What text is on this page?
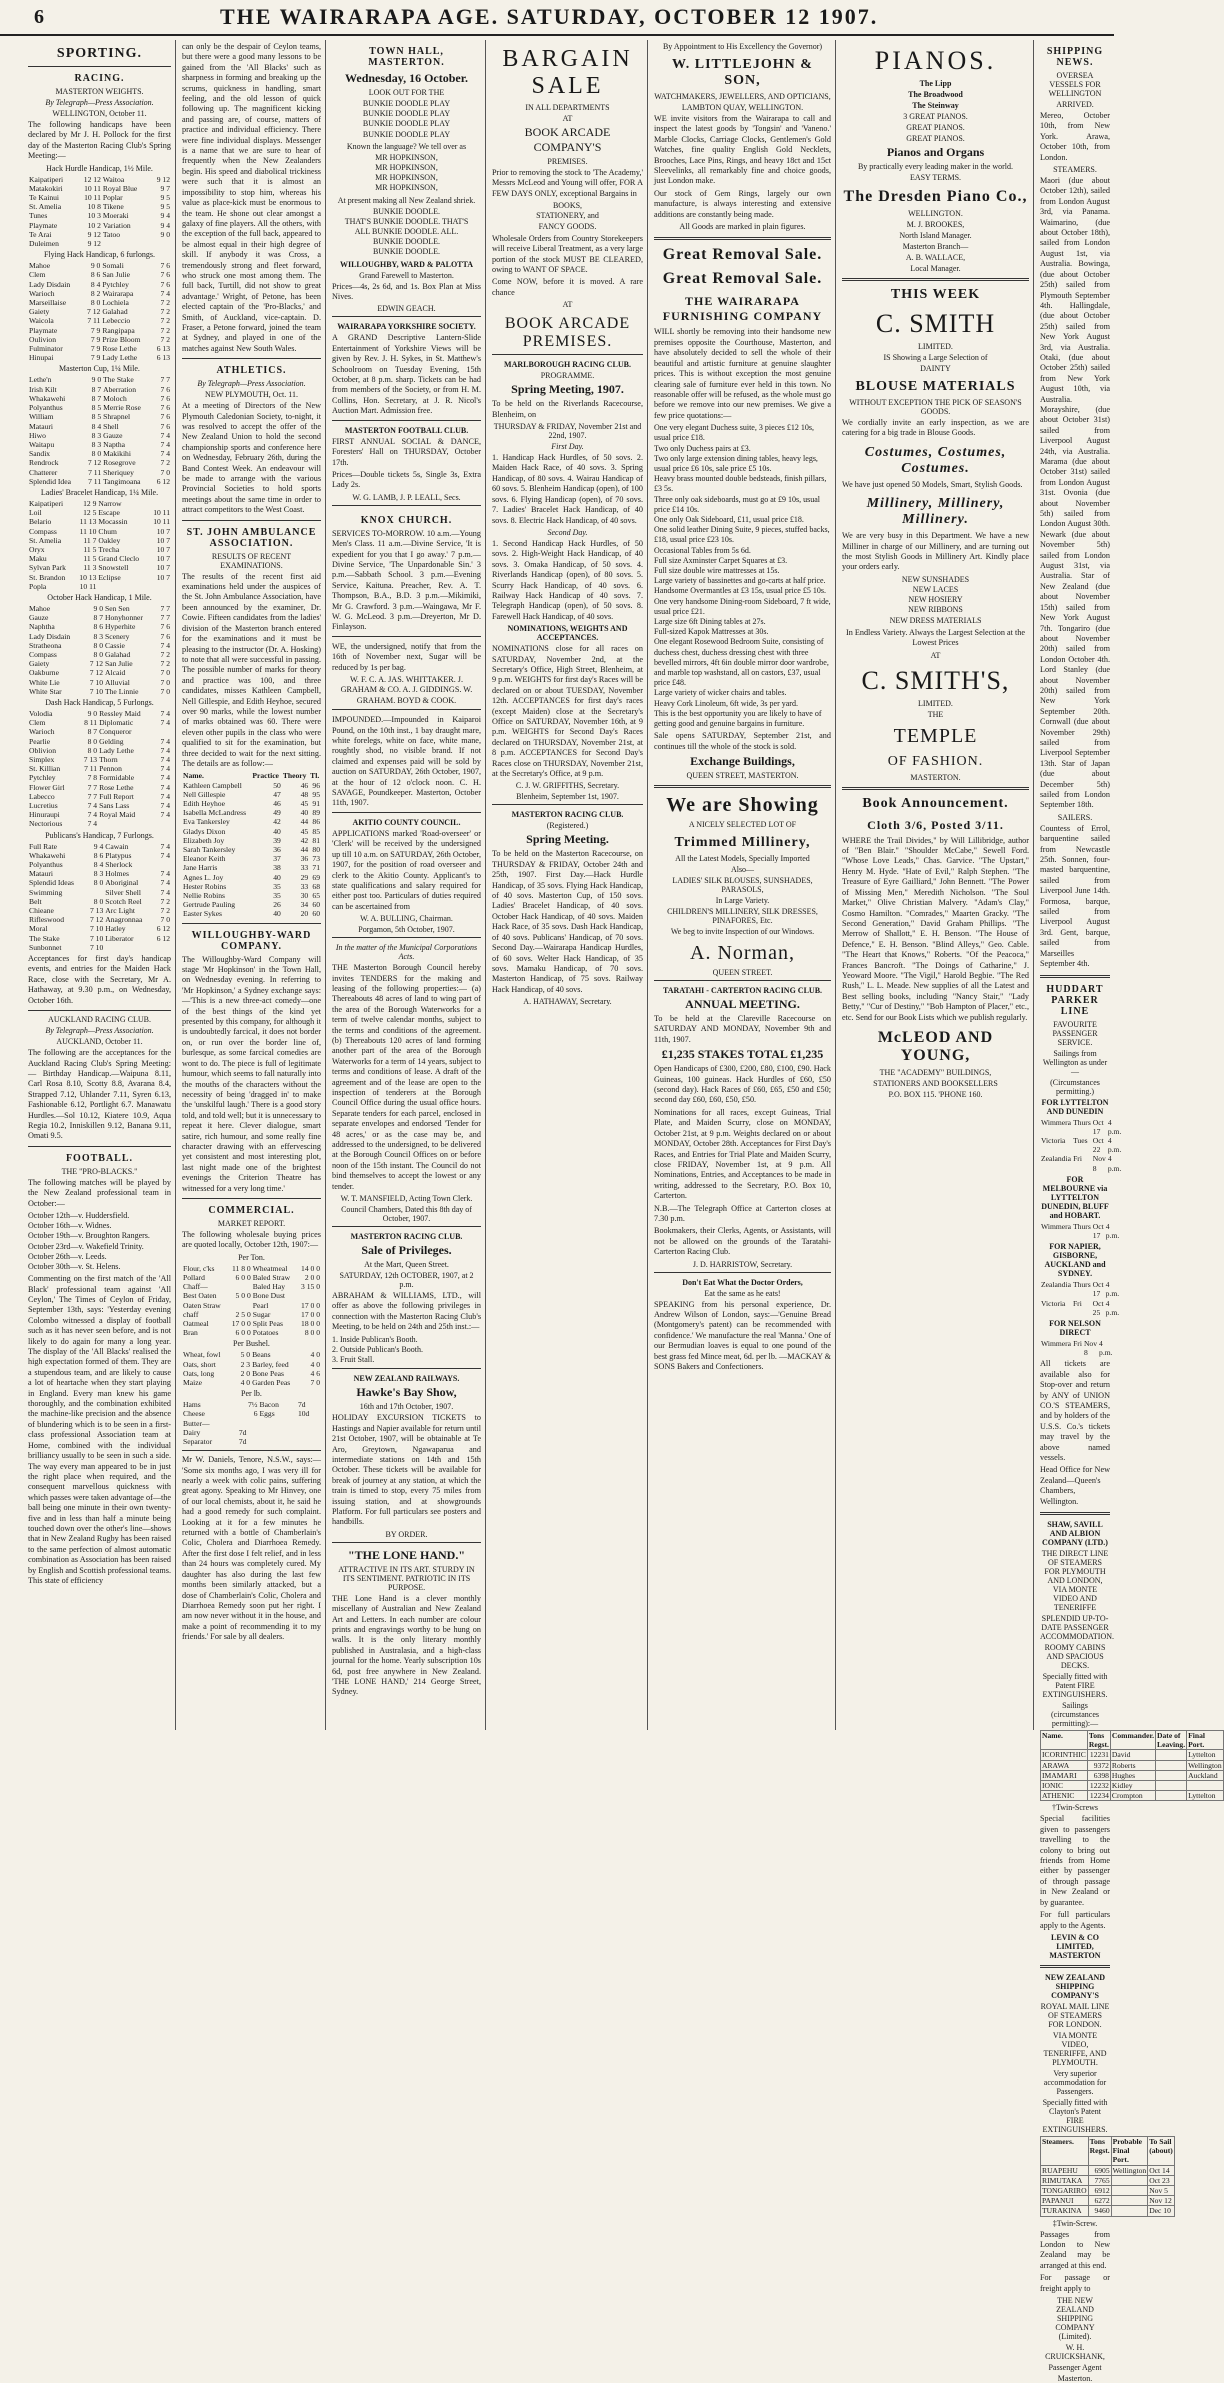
6	THE WAIRARAPA AGE. SATURDAY, OCTOBER 12 1907.
SPORTING.
RACING.
MASTERTON WEIGHTS.
By Telegraph—Press Association.
WELLINGTON, October 11.

The following handicaps have been declared by Mr J. H. Pollock for the first day of the Masterton Racing Club's Spring Meeting:—

Hack Hurdle Handicap, 1½ Mile.
Kaipatiperi	12 12	Waitoa	9 12
Matakokiri	10 11	Royal Blue	9 7
Te Kainui	10 11	Poplar	9 5
St. Amelia	10 8	Tikene	9 5
Tunes	10 3	Moeraki	9 4
Playmate	10 2	Variation	9 4
Te Arai	9 12	Tatoo	9 0
Duleimen	9 12		
Flying Hack Handicap, 6 furlongs.
Mahoe	9 0	Somali	7 6
Clem	8 6	San Julie	7 6
Lady Disdain	8 4	Pytchley	7 6
Warioch	8 2	Wairarapa	7 4
Marseillaise	8 0	Lochiela	7 2
Gaiety	7 12	Galahad	7 2
Waicola	7 11	Lebeccio	7 2
Playmate	7 9	Rangipapa	7 2
Oulivion	7 9	Prize Bloom	7 2
Fulminator	7 9	Rose Lethe	6 13
Hinupai	7 9	Lady Lethe	6 13
Masterton Cup, 1¼ Mile.
Lethe'n	9 0	The Stake	7 7
Irish Kilt	8 7	Aberration	7 6
Whakawehi	8 7	Moloch	7 6
Polyanthus	8 5	Merrie Rose	7 6
William	8 5	Shrapnel	7 6
Matauri	8 4	Shell	7 6
Hiwo	8 3	Gauze	7 4
Waitapu	8 3	Naptha	7 4
Sandix	8 0	Makikihi	7 4
Rendrock	7 12	Rosegrove	7 2
Chatterer	7 11	Sheriquey	7 0
Splendid Idea	7 11	Tangimoana	6 12
Ladies' Bracelet Handicap, 1¼ Mile.
Kaipatiperi	12 9	Narrow	
Loil	12 5	Escape	10 11
Belario	11 13	Mocassin	10 11
Compass	11 10	Chum	10 7
St. Amelia	11 7	Oakley	10 7
Oryx	11 5	Trecha	10 7
Maku	11 5	Grand Cleclo	10 7
Sylvan Park	11 3	Snowstell	10 7
St. Brandon	10 13	Eclipse	10 7
Popla	10 11		
October Hack Handicap, 1 Mile.
Mahoe	9 0	Sen Sen	7 7
Gauze	8 7	Honyhonner	7 7
Naphtha	8 6	Hyperhite	7 6
Lady Disdain	8 3	Scenery	7 6
Stratheona	8 0	Cassie	7 4
Compass	8 0	Galahad	7 2
Gaiety	7 12	San Julie	7 2
Oakburne	7 12	Alcaid	7 0
White Lie	7 10	Alluvial	7 0
White Star	7 10	The Linnie	7 0
Dash Hack Handicap, 5 Furlongs.
Volodia	9 0	Ressley Maid	7 4
Clem	8 11	Diplomatic	7 4
Warioch	8 7	Conqueror	
Pearlie	8 0	Gelding	7 4
Oblivion	8 0	Lady Lethe	7 4
Simplex	7 13	Thorn	7 4
St. Killian	7 11	Pennon	7 4
Pytchley	7 8	Formidable	7 4
Flower Girl	7 7	Rose Lethe	7 4
Labecco	7 7	Full Report	7 4
Lucretius	7 4	Sans Lass	7 4
Hinuraupi	7 4	Royal Maid	7 4
Nectorious	7 4		
Publicans's Handicap, 7 Furlongs.
Full Rate	9 4	Cawain	7 4
Whakawehi	8 6	Platypus	7 4
Polyanthus	8 4	Sherlock	
Matauri	8 3	Holmes	7 4
Splendid Ideas	8 0	Aboriginal	7 4
Swimming		Silver Shell	7 4
Belt	8 0	Scotch Reel	7 2
Chieane	7 13	Arc Light	7 2
Rifleswood	7 12	Anagronnaa	7 0
Moral	7 10	Hatley	6 12
The Stake	7 10	Liberator	6 12
Sunbonnet	7 10		

Acceptances for first day's handicap events, and entries for the Maiden Hack Race, close with the Secretary, Mr A. Hathaway, at 9.30 p.m., on Wednesday, October 16th.

AUCKLAND RACING CLUB.
By Telegraph—Press Association.
AUCKLAND, October 11.

The following are the acceptances for the Auckland Racing Club's Spring Meeting:— Birthday Handicap.—Waipuna 8.11, Carl Rosa 8.10, Scotty 8.8, Avarana 8.4, Strapped 7.12, Uhlander 7.11, Syren 6.13, Fashionable 6.12, Portlight 6.7. Manawatu Hurdles.—Sol 10.12, Kiatere 10.9, Aqua Regia 10.2, Inniskillen 9.12, Banana 9.11, Omati 9.5.

FOOTBALL.
THE "PRO-BLACKS."

The following matches will be played by the New Zealand professional team in October:—

October 12th—v. Huddersfield.
October 16th—v. Widnes.
October 19th—v. Broughton Rangers.
October 23rd—v. Wakefield Trinity.
October 26th—v. Leeds.
October 30th—v. St. Helens.

Commenting on the first match of the 'All Black' professional team against 'All Ceylon,' The Times of Ceylon of Friday, September 13th, says: 'Yesterday evening Colombo witnessed a display of football such as it has never seen before, and is not likely to do again for many a long year. The display of the 'All Blacks' realised the high expectation formed of them. They are a stupendous team, and are likely to cause a lot of heartache when they start playing in England. Every man knew his game thoroughly, and the combination exhibited the machine-like precision and the absence of blundering which is to be seen in a first-class professional Association team at Home, combined with the individual brilliancy usually to be seen in such a side. The way every man appeared to be in just the right place when required, and the consequent marvellous quickness with which passes were taken advantage of—the ball being one minute in their own twenty-five and in less than half a minute being touched down over the other's line—shows that in New Zealand Rugby has been raised to the same perfection of almost automatic combination as Association has been raised by English and Scottish professional teams. This state of efficiency

can only be the despair of Ceylon teams, but there were a good many lessons to be gained from the 'All Blacks' such as sharpness in forming and breaking up the scrums, quickness in handling, smart feeling, and the old lesson of quick following up. The magnificent kicking and passing are, of course, matters of practice and individual efficiency. There were fine individual displays. Messenger is a name that we are sure to hear of frequently when the New Zealanders begin. His speed and diabolical trickiness were such that it is almost an impossibility to stop him, whereas his value as place-kick must be enormous to the team. He shone out clear amongst a galaxy of fine players. All the others, with the exception of the full back, appeared to be almost equal in their high degree of skill. If anybody it was Cross, a tremendously strong and fleet forward, who struck one most among them. The full back, Turtill, did not show to great advantage.' Wright, of Petone, has been elected captain of the 'Pro-Blacks,' and Smith, of Auckland, vice-captain. D. Fraser, a Petone forward, joined the team at Sydney, and played in one of the matches against New South Wales.

ATHLETICS.
By Telegraph—Press Association.
NEW PLYMOUTH, Oct. 11.

At a meeting of Directors of the New Plymouth Caledonian Society, to-night, it was resolved to accept the offer of the New Zealand Union to hold the second championship sports and conference here on Wednesday, February 26th, during the Band Contest Week. An endeavour will be made to arrange with the various Provincial Societies to hold sports meetings about the same time in order to attract competitors to the West Coast.

ST. JOHN AMBULANCE ASSOCIATION.
RESULTS OF RECENT EXAMINATIONS.

The results of the recent first aid examinations held under the auspices of the St. John Ambulance Association, have been announced by the examiner, Dr. Cowie. Fifteen candidates from the ladies' division of the Masterton branch entered for the examinations and it must be pleasing to the instructor (Dr. A. Hosking) to note that all were successful in passing. The possible number of marks for theory and practice was 100, and three candidates, misses Kathleen Campbell, Nell Gillespie, and Edith Heyhoe, secured over 90 marks, while the lowest number of marks obtained was 60. There were eleven other pupils in the class who were qualified to sit for the examination, but three decided to wait for the next sitting. The details are as follow:—

Name.	Practice	Theory	Tl.
Kathleen Campbell	50	46	96
Nell Gillespie	47	48	95
Edith Heyhoe	46	45	91
Isabella McLandress	49	40	89
Eva Tankersley	42	44	86
Gladys Dixon	40	45	85
Elizabeth Joy	39	42	81
Sarah Tankersley	36	44	80
Eleanor Keith	37	36	73
Jane Harris	38	33	71
Agnes L. Joy	40	29	69
Hester Robins	35	33	68
Nellie Robins	35	30	65
Gertrude Pauling	26	34	60
Easter Sykes	40	20	60
WILLOUGHBY-WARD COMPANY.

The Willoughby-Ward Company will stage 'Mr Hopkinson' in the Town Hall, on Wednesday evening. In referring to 'Mr Hopkinson,' a Sydney exchange says:—'This is a new three-act comedy—one of the best things of the kind yet presented by this company, for although it is undoubtedly farcical, it does not border on, or run over the border line of, burlesque, as some farcical comedies are wont to do. The piece is full of legitimate humour, which seems to fall naturally into the mouths of the characters without the necessity of being 'dragged in' to make the 'unskilful laugh.' There is a good story told, and told well; but it is unnecessary to repeat it here. Clever dialogue, smart satire, rich humour, and some really fine character drawing with an effervescing yet consistent and most interesting plot, last night made one of the brightest evenings the Criterion Theatre has witnessed for a very long time.'

COMMERCIAL.
MARKET REPORT.

The following wholesale buying prices are quoted locally, October 12th, 1907:—

Per Ton.
Flour, c'ks	11 8 0	Wheatmeal	14 0 0
Pollard	6 0 0	Baled Straw	2 0 0
Chaff—		Baled Hay	3 15 0
Best Oaten	5 0 0	Bone Dust	
Oaten Straw		Pearl	17 0 0
chaff	2 5 0	Sugar	17 0 0
Oatmeal	17 0 0	Split Peas	18 0 0
Bran	6 0 0	Potatoes	8 0 0
Per Bushel.
Wheat, fowl	5 0	Beans	4 0
Oats, short	2 3	Barley, feed	4 0
Oats, long	2 0	Bone Peas	4 6
Maize	4 0	Garden Peas	7 0
Per lb.
Hams	7½	Bacon	7d
Cheese	6	Eggs	10d
Butter—			
Dairy	7d		
Separator	7d		

Mr W. Daniels, Tenore, N.S.W., says:— 'Some six months ago, I was very ill for nearly a week with colic pains, suffering great agony. Speaking to Mr Hinvey, one of our local chemists, about it, he said he had a good remedy for such complaint. Looking at it for a few minutes he returned with a bottle of Chamberlain's Colic, Cholera and Diarrhoea Remedy. After the first dose I felt relief, and in less than 24 hours was completely cured. My daughter has also during the last few months been similarly attacked, but a dose of Chamberlain's Colic, Cholera and Diarrhoea Remedy soon put her right. I am now never without it in the house, and make a point of recommending it to my friends.' For sale by all dealers.

TOWN HALL, MASTERTON.
Wednesday, 16 October.
LOOK OUT FOR THE
BUNKIE DOODLE PLAY
BUNKIE DOODLE PLAY
BUNKIE DOODLE PLAY
BUNKIE DOODLE PLAY
Known the language? We tell over as
MR HOPKINSON,
MR HOPKINSON,
MR HOPKINSON,
MR HOPKINSON,
At present making all New Zealand shriek.
BUNKIE DOODLE.
THAT'S BUNKIE DOODLE. THAT'S
ALL BUNKIE DOODLE. ALL.
BUNKIE DOODLE.
BUNKIE DOODLE.
WILLOUGHBY, WARD & PALOTTA
Grand Farewell to Masterton.

Prices—4s, 2s 6d, and 1s. Box Plan at Miss Nives.

EDWIN GEACH.
WAIRARAPA YORKSHIRE SOCIETY.

A GRAND Descriptive Lantern-Slide Entertainment of Yorkshire Views will be given by Rev. J. H. Sykes, in St. Matthew's Schoolroom on Tuesday Evening, 15th October, at 8 p.m. sharp. Tickets can be had from members of the Society, or from H. M. Collins, Hon. Secretary, at J. R. Nicol's Auction Mart. Admission free.

MASTERTON FOOTBALL CLUB.

FIRST ANNUAL SOCIAL & DANCE, Foresters' Hall on THURSDAY, October 17th.

Prices—Double tickets 5s, Single 3s, Extra Lady 2s.

W. G. LAMB, J. P. LEALL, Secs.
KNOX CHURCH.

SERVICES TO-MORROW. 10 a.m.—Young Men's Class. 11 a.m.—Divine Service, 'It is expedient for you that I go away.' 7 p.m.—Divine Service, 'The Unpardonable Sin.' 3 p.m.—Sabbath School. 3 p.m.—Evening Service, Kaituna. Preacher, Rev. A. T. Thompson, B.A., B.D. 3 p.m.—Mikimiki, Mr G. Crawford. 3 p.m.—Waingawa, Mr F. W. G. McLeod. 3 p.m.—Dreyerton, Mr D. Finlayson.

WE, the undersigned, notify that from the 16th of November next, Sugar will be reduced by 1s per bag.

W. F. C. A. JAS. WHITTAKER. J. GRAHAM & CO. A. J. GIDDINGS. W. GRAHAM. BOYD & COOK.

IMPOUNDED.—Impounded in Kaiparoi Pound, on the 10th inst., 1 bay draught mare, white forelegs, white on face, white mane, roughtly shod, no visible brand. If not claimed and expenses paid will be sold by auction on SATURDAY, 26th October, 1907, at the hour of 12 o'clock noon. C. H. SAVAGE, Poundkeeper. Masterton, October 11th, 1907.

AKITIO COUNTY COUNCIL.

APPLICATIONS marked 'Road-overseer' or 'Clerk' will be received by the undersigned up till 10 a.m. on SATURDAY, 26th October, 1907, for the position of road overseer and clerk to the Akitio County. Applicant's to state qualifications and salary required for either post too. Particulars of duties required can be ascertained from

W. A. BULLING, Chairman.
Porgamon, 5th October, 1907.
In the matter of the Municipal Corporations Acts.

THE Masterton Borough Council hereby invites TENDERS for the making and leasing of the following properties:— (a) Thereabouts 48 acres of land to wing part of the area of the Borough Waterworks for a term of twelve calendar months, subject to the terms and conditions of the agreement. (b) Thereabouts 120 acres of land forming another part of the area of the Borough Waterworks for a term of 14 years, subject to terms and conditions of lease. A draft of the agreement and of the lease are open to the inspection of tenderers at the Borough Council Office during the usual office hours. Separate tenders for each parcel, enclosed in separate envelopes and endorsed 'Tender for 48 acres,' or as the case may be, and addressed to the undersigned, to be delivered at the Borough Council Offices on or before noon of the 15th instant. The Council do not bind themselves to accept the lowest or any tender.

W. T. MANSFIELD, Acting Town Clerk.
Council Chambers, Dated this 8th day of October, 1907.
MASTERTON RACING CLUB.
Sale of Privileges.
At the Mart, Queen Street.
SATURDAY, 12th OCTOBER, 1907, at 2 p.m.

ABRAHAM & WILLIAMS, LTD., will offer as above the following privileges in connection with the Masterton Racing Club's Meeting, to be held on 24th and 25th inst.:—

1. Inside Publican's Booth.
2. Outside Publican's Booth.
3. Fruit Stall.
NEW ZEALAND RAILWAYS.
Hawke's Bay Show,
16th and 17th October, 1907.

HOLIDAY EXCURSION TICKETS to Hastings and Napier available for return until 21st October, 1907, will be obtainable at Te Aro, Greytown, Ngawaparua and intermediate stations on 14th and 15th October. These tickets will be available for break of journey at any station, at which the train is timed to stop, every 75 miles from issuing station, and at showgrounds Platform. For full particulars see posters and handbills.

BY ORDER.
"THE LONE HAND."
ATTRACTIVE IN ITS ART. STURDY IN ITS SENTIMENT. PATRIOTIC IN ITS PURPOSE.

THE Lone Hand is a clever monthly miscellany of Australian and New Zealand Art and Letters. In each number are colour prints and engravings worthy to be hung on walls. It is the only literary monthly published in Australasia, and a high-class journal for the home. Yearly subscription 10s 6d, post free anywhere in New Zealand. 'THE LONE HAND,' 214 George Street, Sydney.

BARGAIN SALE
IN ALL DEPARTMENTS
AT
BOOK ARCADE COMPANY'S
PREMISES.

Prior to removing the stock to 'The Academy,' Messrs McLeod and Young will offer, FOR A FEW DAYS ONLY, exceptional Bargains in

BOOKS,
STATIONERY, and
FANCY GOODS.

Wholesale Orders from Country Storekeepers will receive Liberal Treatment, as a very large portion of the stock MUST BE CLEARED, owing to WANT OF SPACE.

Come NOW, before it is moved. A rare chance

AT
BOOK ARCADE PREMISES.
MARLBOROUGH RACING CLUB.
PROGRAMME.
Spring Meeting, 1907.

To be held on the Riverlands Racecourse, Blenheim, on

THURSDAY & FRIDAY, November 21st and 22nd, 1907.
First Day.

1. Handicap Hack Hurdles, of 50 sovs. 2. Maiden Hack Race, of 40 sovs. 3. Spring Handicap, of 80 sovs. 4. Wairau Handicap of 60 sovs. 5. Blenheim Handicap (open), of 100 sovs. 6. Flying Handicap (open), of 70 sovs. 7. Ladies' Bracelet Hack Handicap, of 40 sovs. 8. Electric Hack Handicap, of 40 sovs.

Second Day.

1. Second Handicap Hack Hurdles, of 50 sovs. 2. High-Weight Hack Handicap, of 40 sovs. 3. Omaka Handicap, of 50 sovs. 4. Riverlands Handicap (open), of 80 sovs. 5. Scurry Hack Handicap, of 40 sovs. 6. Railway Hack Handicap of 40 sovs. 7. Telegraph Handicap (open), of 50 sovs. 8. Farewell Hack Handicap, of 40 sovs.

NOMINATIONS, WEIGHTS AND ACCEPTANCES.

NOMINATIONS close for all races on SATURDAY, November 2nd, at the Secretary's Office, High Street, Blenheim, at 9 p.m. WEIGHTS for first day's Races will be declared on or about TUESDAY, November 12th. ACCEPTANCES for first day's races (except Maiden) close at the Secretary's Office on SATURDAY, November 16th, at 9 p.m. WEIGHTS for Second Day's Races declared on THURSDAY, November 21st, at 8 p.m. ACCEPTANCES for Second Day's Races close on THURSDAY, November 21st, at the Secretary's Office, at 9 p.m.

C. J. W. GRIFFITHS, Secretary.
Blenheim, September 1st, 1907.
MASTERTON RACING CLUB.
(Registered.)
Spring Meeting.

To be held on the Masterton Racecourse, on THURSDAY & FRIDAY, October 24th and 25th, 1907. First Day.—Hack Hurdle Handicap, of 35 sovs. Flying Hack Handicap, of 40 sovs. Masterton Cup, of 150 sovs. Ladies' Bracelet Handicap, of 40 sovs. October Hack Handicap, of 40 sovs. Maiden Hack Race, of 35 sovs. Dash Hack Handicap, of 40 sovs. Publicans' Handicap, of 70 sovs. Second Day.—Wairarapa Handicap Hurdles, of 60 sovs. Welter Hack Handicap, of 35 sovs. Mamaku Handicap, of 70 sovs. Masterton Handicap, of 75 sovs. Railway Hack Handicap, of 40 sovs.

A. HATHAWAY, Secretary.
By Appointment to His Excellency the Governor)
W. LITTLEJOHN & SON,
WATCHMAKERS, JEWELLERS, AND OPTICIANS,
LAMBTON QUAY, WELLINGTON.

WE invite visitors from the Wairarapa to call and inspect the latest goods by 'Tongsin' and 'Vaneno.' Marble Clocks, Carriage Clocks, Gentlemen's Gold Watches, fine quality English Gold Necklets, Brooches, Lace Pins, Rings, and heavy 18ct and 15ct Sleevelinks, all remarkably fine and choice goods, just London make.

Our stock of Gem Rings, largely our own manufacture, is always interesting and extensive additions are constantly being made.

All Goods are marked in plain figures.

Great Removal Sale.
Great Removal Sale.
THE WAIRARAPA FURNISHING COMPANY

WILL shortly be removing into their handsome new premises opposite the Courthouse, Masterton, and have absolutely decided to sell the whole of their beautiful and artistic furniture at genuine slaughter prices. This is without exception the most genuine clearing sale of furniture ever held in this town. No reasonable offer will be refused, as the whole must go before we remove into our new premises. We give a few price quotations:—

One very elegant Duchess suite, 3 pieces £12 10s, usual price £18.
Two only Duchess pairs at £3.
Two only large extension dining tables, heavy legs, usual price £6 10s, sale price £5 10s.
Heavy brass mounted double bedsteads, finish pillars, £3 5s.
Three only oak sideboards, must go at £9 10s, usual price £14 10s.
One only Oak Sideboard, £11, usual price £18.
One solid leather Dining Suite, 9 pieces, stuffed backs, £18, usual price £23 10s.
Occasional Tables from 5s 6d.
Full size Axminster Carpet Squares at £3.
Full size double wire mattresses at 15s.
Large variety of bassinettes and go-carts at half price.
Handsome Overmantles at £3 15s, usual price £5 10s.
One very handsome Dining-room Sideboard, 7 ft wide, usual price £21.
Large size 6ft Dining tables at 27s.
Full-sized Kapok Mattresses at 30s.
One elegant Rosewood Bedroom Suite, consisting of duchess chest, duchess dressing chest with three bevelled mirrors, 4ft 6in double mirror door wardrobe, and marble top washstand, all on castors, £37, usual price £48.
Large variety of wicker chairs and tables.
Heavy Cork Linoleum, 6ft wide, 3s per yard.
This is the best opportunity you are likely to have of getting good and genuine bargains in furniture.

Sale opens SATURDAY, September 21st, and continues till the whole of the stock is sold.

Exchange Buildings,
QUEEN STREET, MASTERTON.
We are Showing
A NICELY SELECTED LOT OF
Trimmed Millinery,
All the Latest Models, Specially Imported
Also—
LADIES' SILK BLOUSES, SUNSHADES, PARASOLS,
In Large Variety.
CHILDREN'S MILLINERY, SILK DRESSES, PINAFORES, Etc.
We beg to invite Inspection of our Windows.
A. Norman,
QUEEN STREET.
TARATAHI - CARTERTON RACING CLUB.
ANNUAL MEETING.

To be held at the Clareville Racecourse on SATURDAY AND MONDAY, November 9th and 11th, 1907.

£1,235 STAKES TOTAL £1,235

Open Handicaps of £300, £200, £80, £100, £90. Hack Guineas, 100 guineas. Hack Hurdles of £60, £50 (second day). Hack Races of £60, £65, £50 and £50; second day £60, £60, £50, £50.

Nominations for all races, except Guineas, Trial Plate, and Maiden Scurry, close on MONDAY, October 21st, at 9 p.m. Weights declared on or about MONDAY, October 28th. Acceptances for First Day's Races, and Entries for Trial Plate and Maiden Scurry, close FRIDAY, November 1st, at 9 p.m. All Nominations, Entries, and Acceptances to be made in writing, addressed to the Secretary, P.O. Box 10, Carterton.

N.B.—The Telegraph Office at Carterton closes at 7.30 p.m.

Bookmakers, their Clerks, Agents, or Assistants, will not be allowed on the grounds of the Taratahi-Carterton Racing Club.

J. D. HARRISTOW, Secretary.
Don't Eat What the Doctor Orders,
Eat the same as he eats!

SPEAKING from his personal experience, Dr. Andrew Wilson of London, says:—'Genuine Bread (Montgomery's patent) can be recommended with confidence.' We manufacture the real 'Manna.' One of our Bermudian loaves is equal to one pound of the best grass fed Mince meat, 6d. per lb. —MACKAY & SONS Bakers and Confectioners.

PIANOS.
The Lipp
The Broadwood
The Steinway
3 GREAT PIANOS.
GREAT PIANOS.
GREAT PIANOS.
Pianos and Organs
By practically every leading maker in the world.
EASY TERMS.
The Dresden Piano Co.,
WELLINGTON.
M. J. BROOKES,
North Island Manager.
Masterton Branch—
A. B. WALLACE,
Local Manager.
THIS WEEK
C. SMITH
LIMITED.
IS Showing a Large Selection of
DAINTY
BLOUSE MATERIALS
WITHOUT EXCEPTION THE PICK OF SEASON'S GOODS.

We cordially invite an early inspection, as we are catering for a big trade in Blouse Goods.

Costumes, Costumes, Costumes.

We have just opened 50 Models, Smart, Stylish Goods.

Millinery, Millinery, Millinery.

We are very busy in this Department. We have a new Milliner in charge of our Millinery, and are turning out the most Stylish Goods in Millinery Art. Kindly place your orders early.

NEW SUNSHADES
NEW LACES
NEW HOSIERY
NEW RIBBONS
NEW DRESS MATERIALS

In Endless Variety. Always the Largest Selection at the Lowest Prices

AT
C. SMITH'S,
LIMITED.
THE
TEMPLE
OF FASHION.
MASTERTON.
Book Announcement.
Cloth 3/6, Posted 3/11.

WHERE the Trail Divides," by Will Lillibridge, author of "Ben Blair." "Shoulder McCabe," Sewell Ford. "Whose Love Leads," Chas. Garvice. "The Upstart," Henry M. Hyde. "Hate of Evil," Ralph Stephen. "The Treasure of Eyre Gailliard," John Bennett. "The Power of Missing Men," Meredith Nicholson. "The Soul Market," Olive Christian Malvery. "Adam's Clay," Cosmo Hamilton. "Comrades," Maarten Gracky. "The Second Generation," David Graham Phillips. "The Merrow of Shallott," E. H. Benson. "The House of Defence," E. H. Benson. "Blind Alleys," Geo. Cable. "The Heart that Knows," Roberts. "Of the Peacoca," Frances Bancroft. "The Doings of Catharine," J. Yeoward Moore. "The Vigil," Harold Begbie. "The Red Rush," L. L. Meade. New supplies of all the Latest and Best selling books, including "Nancy Stair," "Lady Betty," "Cur of Destiny," "Bob Hampton of Placer," etc., etc. Send for our Book Lists which we publish regularly.

McLEOD AND YOUNG,
THE "ACADEMY" BUILDINGS,
STATIONERS AND BOOKSELLERS
P.O. BOX 115. 'PHONE 160.
SHIPPING NEWS.
OVERSEA VESSELS FOR WELLINGTON
ARRIVED.

Mereo, October 10th, from New York. Arawa, October 10th, from London.

STEAMERS.

Maori (due about October 12th), sailed from London August 3rd, via Panama. Waimarino, (due about October 18th), sailed from London August 1st, via Australia. Bowinga, (due about October 25th) sailed from Plymouth September 4th. Hallingdale, (due about October 25th) sailed from New York August 3rd, via Australia. Otaki, (due about October 25th) sailed from New York August 10th, via Australia. Morayshire, (due about October 31st) sailed from Liverpool August 24th, via Australia. Marama (due about October 31st) sailed from London August 31st. Ovonia (due about November 5th) sailed from London August 30th. Newark (due about November 5th) sailed from London August 31st, via Australia. Star of New Zealand (due about November 15th) sailed from New York August 7th. Tongariro (due about November 20th) sailed from London October 4th. Lord Stanley (due about November 20th) sailed from New York September 20th. Cornwall (due about November 29th) sailed from Liverpool September 13th. Star of Japan (due about December 5th) sailed from London September 18th.

SAILERS.

Countess of Errol, barquentine sailed from Newcastle 25th. Sonnen, four-masted barquentine, sailed from Liverpool June 14th. Formosa, barque, sailed from Liverpool August 3rd. Gent, barque, sailed from Marseilles September 4th.

HUDDART PARKER LINE
FAVOURITE PASSENGER SERVICE.
Sailings from Wellington as under—
(Circumstances permitting.)
FOR LYTTELTON AND DUNEDIN
Wimmera	Thurs	Oct 17	4 p.m.
Victoria	Tues	Oct 22	4 p.m.
Zealandia	Fri	Nov 8	4 p.m.
FOR MELBOURNE via LYTTELTON DUNEDIN, BLUFF and HOBART.
Wimmera	Thurs	Oct 17	4 p.m.
FOR NAPIER, GISBORNE, AUCKLAND and SYDNEY.
Zealandia	Thurs	Oct 17	4 p.m.
Victoria	Fri	Oct 25	4 p.m.
FOR NELSON DIRECT
Wimmera	Fri	Nov 8	4 p.m.

All tickets are available also for Stop-over and return by ANY of UNION CO.'S STEAMERS, and by holders of the U.S.S. Co.'s tickets may travel by the above named vessels.

Head Office for New Zealand—Queen's Chambers, Wellington.

SHAW, SAVILL AND ALBION COMPANY (LTD.)
THE DIRECT LINE OF STEAMERS FOR PLYMOUTH AND LONDON, VIA MONTE VIDEO AND TENERIFFE
SPLENDID UP-TO-DATE PASSENGER ACCOMMODATION.
ROOMY CABINS AND SPACIOUS DECKS.
Specially fitted with Patent FIRE EXTINGUISHERS.
Sailings (circumstances permitting):—
Name.	Tons Regst.	Commander.	Date of Leaving.	Final Port.
ICORINTHIC	12231	David		Lyttelton
ARAWA	9372	Roberts		Wellington
IMAMARI	6398	Hughes		Auckland
IONIC	12232	Kidley		
ATHENIC	12234	Crompton		Lyttelton
†Twin-Screws

Special facilities given to passengers travelling to the colony to bring out friends from Home either by passenger of through passage in New Zealand or by guarantee.

For full particulars apply to the Agents.

LEVIN & CO LIMITED, MASTERTON
NEW ZEALAND SHIPPING COMPANY'S
ROYAL MAIL LINE OF STEAMERS FOR LONDON.
VIA MONTE VIDEO, TENERIFFE, AND PLYMOUTH.
Very superior accommodation for Passengers.
Specially fitted with Clayton's Patent FIRE EXTINGUISHERS.
Steamers.	Tons Regst.	Probable Final Port.	To Sail (about)
RUAPEHU	6905	Wellington	Oct 14
RIMUTAKA	7765		Oct 23
TONGARIRO	6912		Nov 5
PAPANUI	6272		Nov 12
TURAKINA	9460		Dec 10
‡Twin-Screw.

Passages from London to New Zealand may be arranged at this end.

For passage or freight apply to

THE NEW ZEALAND SHIPPING COMPANY (Limited).
W. H. CRUICKSHANK,
Passenger Agent
Masterton.
